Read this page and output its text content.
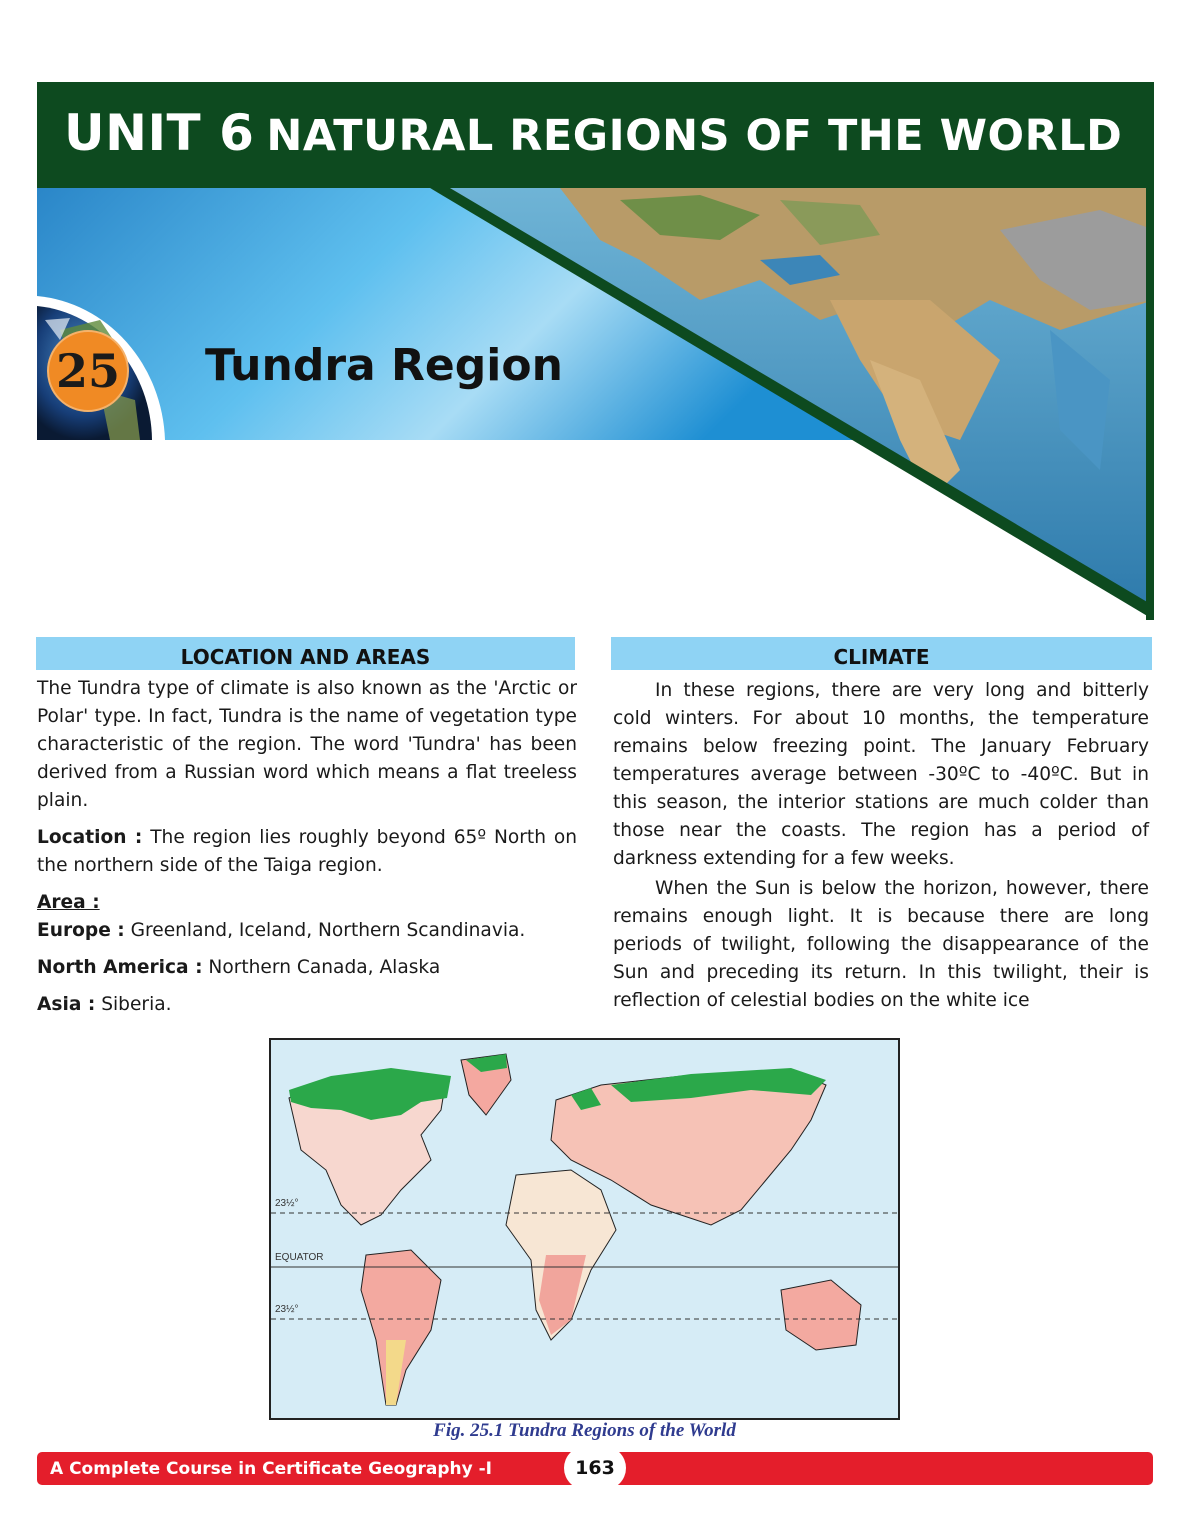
UNIT 6 NATURAL REGIONS OF THE WORLD
25 Tundra Region
LOCATION AND AREAS

The Tundra type of climate is also known as the 'Arctic or Polar' type. In fact, Tundra is the name of vegetation type characteristic of the region. The word 'Tundra' has been derived from a Russian word which means a flat treeless plain.

Location : The region lies roughly beyond 65º North on the northern side of the Taiga region.

Area :

Europe : Greenland, Iceland, Northern Scandinavia.

North America : Northern Canada, Alaska

Asia : Siberia.

CLIMATE

In these regions, there are very long and bitterly cold winters. For about 10 months, the temperature remains below freezing point. The January February temperatures average between -30ºC to -40ºC. But in this season, the interior stations are much colder than those near the coasts. The region has a period of darkness extending for a few weeks.

When the Sun is below the horizon, however, there remains enough light. It is because there are long periods of twilight, following the disappearance of the Sun and preceding its return. In this twilight, their is reflection of celestial bodies on the white ice

23½°
EQUATOR
23½°
Fig. 25.1 Tundra Regions of the World
A Complete Course in Certificate Geography -I	163
